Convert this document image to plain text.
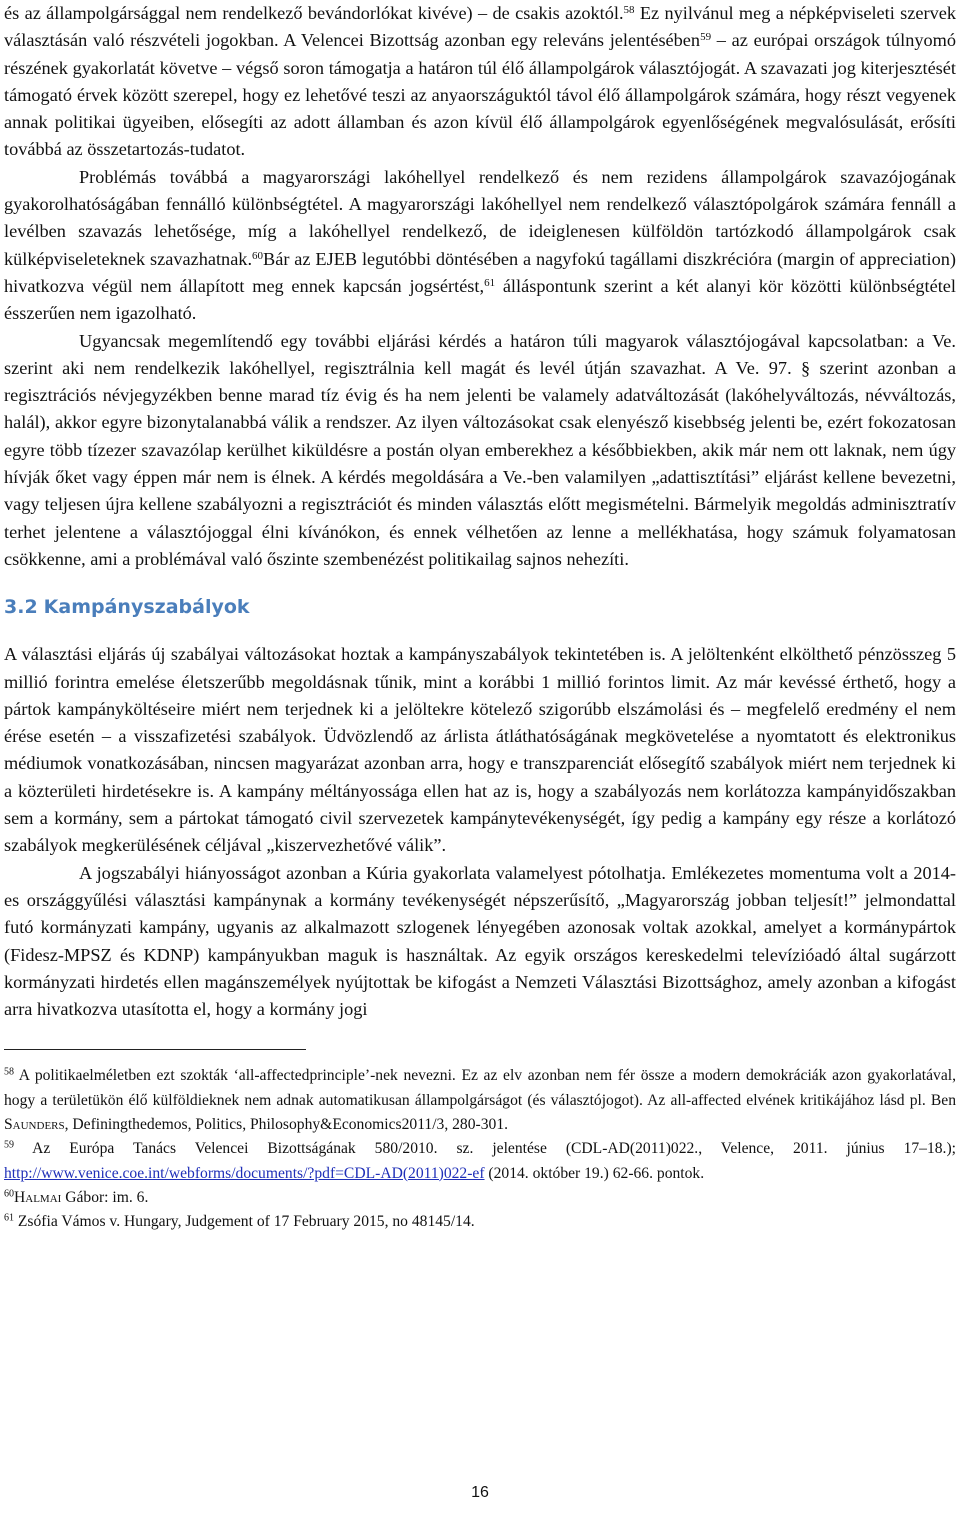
és az állampolgársággal nem rendelkező bevándorlókat kivéve) – de csakis azoktól.$^{58}$ Ez nyilvánul meg a népképviseleti szervek választásán való részvételi jogokban. A Velencei Bizottság azonban egy releváns jelentésében$^{59}$ – az európai országok túlnyomó részének gyakorlatát követve – végső soron támogatja a határon túl élő állampolgárok választójogát. A szavazati jog kiterjesztését támogató érvek között szerepel, hogy ez lehetővé teszi az anyaországuktól távol élő állampolgárok számára, hogy részt vegyenek annak politikai ügyeiben, elősegíti az adott államban és azon kívül élő állampolgárok egyenlőségének megvalósulását, erősíti továbbá az összetartozás-tudatot.

Problémás továbbá a magyarországi lakóhellyel rendelkező és nem rezidens állampolgárok szavazójogának gyakorolhatóságában fennálló különbségtétel. A magyarországi lakóhellyel nem rendelkező választópolgárok számára fennáll a levélben szavazás lehetősége, míg a lakóhellyel rendelkező, de ideiglenesen külföldön tartózkodó állampolgárok csak külképviseleteknek szavazhatnak.$^{60}$Bár az EJEB legutóbbi döntésében a nagyfokú tagállami diszkrécióra (margin of appreciation) hivatkozva végül nem állapított meg ennek kapcsán jogsértést,$^{61}$ álláspontunk szerint a két alanyi kör közötti különbségtétel ésszerűen nem igazolható.

Ugyancsak megemlítendő egy további eljárási kérdés a határon túli magyarok választójogával kapcsolatban: a Ve. szerint aki nem rendelkezik lakóhellyel, regisztrálnia kell magát és levél útján szavazhat. A Ve. 97. § szerint azonban a regisztrációs névjegyzékben benne marad tíz évig és ha nem jelenti be valamely adatváltozását (lakóhelyváltozás, névváltozás, halál), akkor egyre bizonytalanabbá válik a rendszer. Az ilyen változásokat csak elenyésző kisebbség jelenti be, ezért fokozatosan egyre több tízezer szavazólap kerülhet kiküldésre a postán olyan emberekhez a későbbiekben, akik már nem ott laknak, nem úgy hívják őket vagy éppen már nem is élnek. A kérdés megoldására a Ve.-ben valamilyen „adattisztítási” eljárást kellene bevezetni, vagy teljesen újra kellene szabályozni a regisztrációt és minden választás előtt megismételni. Bármelyik megoldás adminisztratív terhet jelentene a választójoggal élni kívánókon, és ennek vélhetően az lenne a mellékhatása, hogy számuk folyamatosan csökkenne, ami a problémával való őszinte szembenézést politikailag sajnos nehezíti.

3.2 Kampányszabályok

A választási eljárás új szabályai változásokat hoztak a kampányszabályok tekintetében is. A jelöltenként elkölthető pénzösszeg 5 millió forintra emelése életszerűbb megoldásnak tűnik, mint a korábbi 1 millió forintos limit. Az már kevéssé érthető, hogy a pártok kampányköltéseire miért nem terjednek ki a jelöltekre kötelező szigorúbb elszámolási és – megfelelő eredmény el nem érése esetén – a visszafizetési szabályok. Üdvözlendő az árlista átláthatóságának megkövetelése a nyomtatott és elektronikus médiumok vonatkozásában, nincsen magyarázat azonban arra, hogy e transzparenciát elősegítő szabályok miért nem terjednek ki a közterületi hirdetésekre is. A kampány méltányossága ellen hat az is, hogy a szabályozás nem korlátozza kampányidőszakban sem a kormány, sem a pártokat támogató civil szervezetek kampánytevékenységét, így pedig a kampány egy része a korlátozó szabályok megkerülésének céljával „kiszervezhetővé válik”.

A jogszabályi hiányosságot azonban a Kúria gyakorlata valamelyest pótolhatja. Emlékezetes momentuma volt a 2014-es országgyűlési választási kampánynak a kormány tevékenységét népszerűsítő, „Magyarország jobban teljesít!” jelmondattal futó kormányzati kampány, ugyanis az alkalmazott szlogenek lényegében azonosak voltak azokkal, amelyet a kormánypártok (Fidesz-MPSZ és KDNP) kampányukban maguk is használtak. Az egyik országos kereskedelmi televízióadó által sugárzott kormányzati hirdetés ellen magánszemélyek nyújtottak be kifogást a Nemzeti Választási Bizottsághoz, amely azonban a kifogást arra hivatkozva utasította el, hogy a kormány jogi

$^{58}$ A politikaelméletben ezt szokták ‘all-affectedprinciple’-nek nevezni. Ez az elv azonban nem fér össze a modern demokráciák azon gyakorlatával, hogy a területükön élő külföldieknek nem adnak automatikusan állampolgárságot (és választójogot). Az all-affected elvének kritikájához lásd pl. Ben Saunders, Definingthedemos, Politics, Philosophy&Economics2011/3, 280-301.

$^{59}$ Az Európa Tanács Velencei Bizottságának 580/2010. sz. jelentése (CDL-AD(2011)022., Velence, 2011. június 17–18.); http://www.venice.coe.int/webforms/documents/?pdf=CDL-AD(2011)022-ef (2014. október 19.) 62-66. pontok.

$^{60}$Halmai Gábor: im. 6.

$^{61}$ Zsófia Vámos v. Hungary, Judgement of 17 February 2015, no 48145/14.

16
